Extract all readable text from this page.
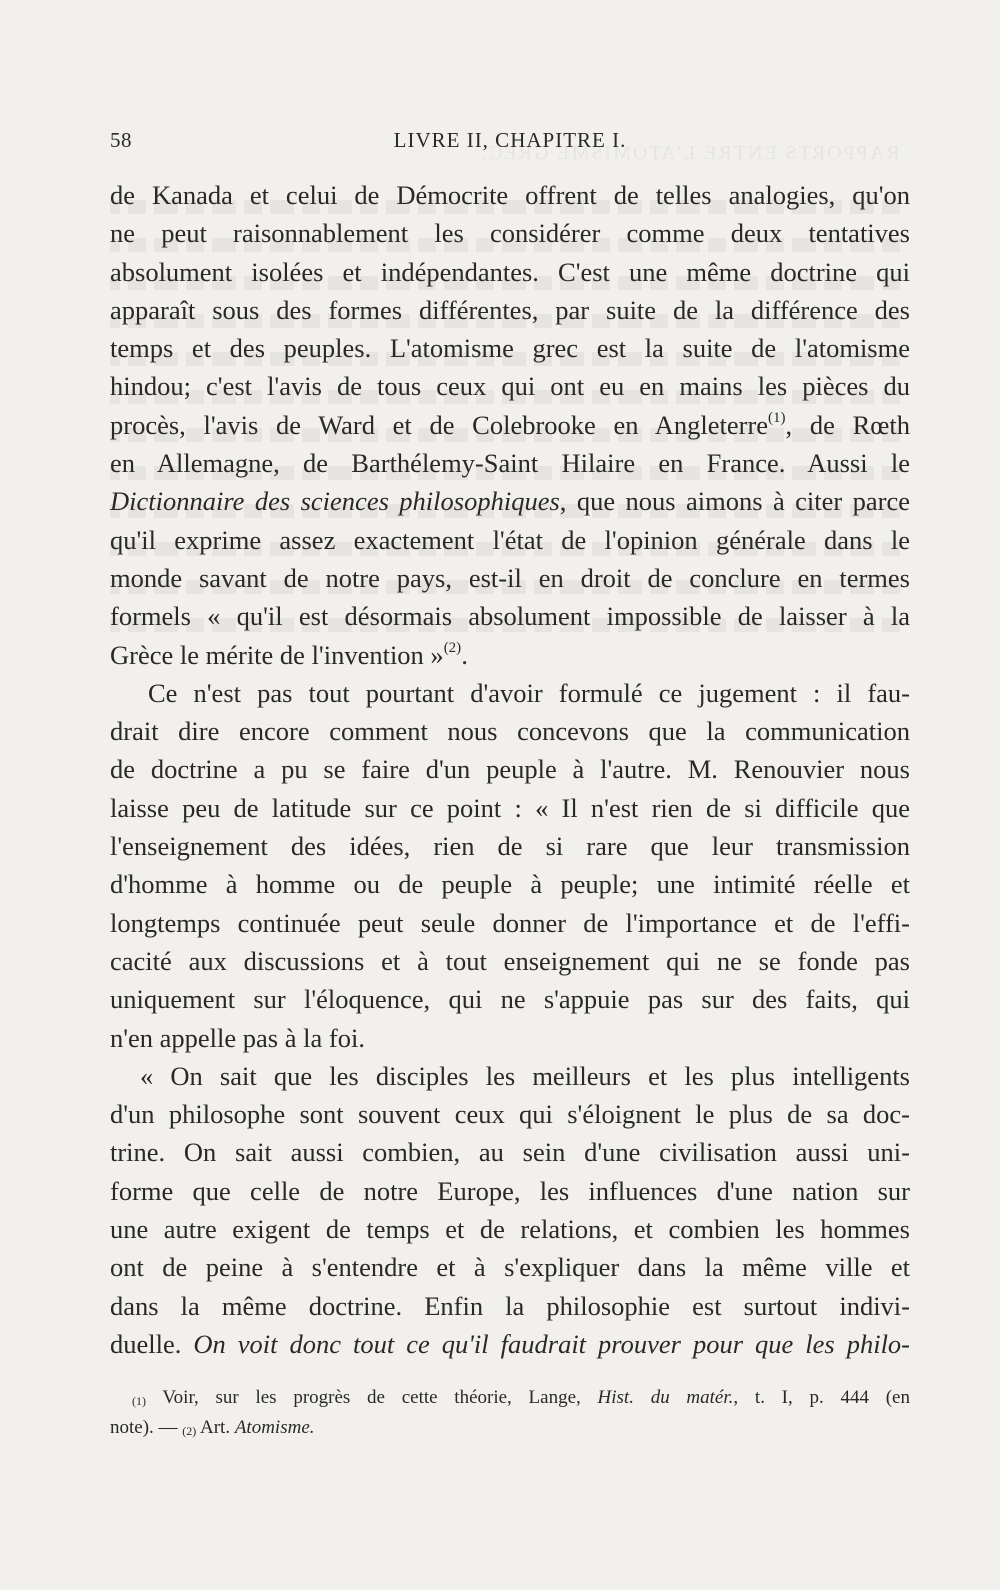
RAPPORTS ENTRE L'ATOMISME GREC.
58	LIVRE II, CHAPITRE I.
de Kanada et celui de Démocrite offrent de telles analogies, qu'on
ne peut raisonnablement les considérer comme deux tentatives
absolument isolées et indépendantes. C'est une même doctrine qui
apparaît sous des formes différentes, par suite de la différence des
temps et des peuples. L'atomisme grec est la suite de l'atomisme
hindou; c'est l'avis de tous ceux qui ont eu en mains les pièces du
procès, l'avis de Ward et de Colebrooke en Angleterre$^{(1)}$, de Rœth
en Allemagne, de Barthélemy-Saint Hilaire en France. Aussi le
Dictionnaire des sciences philosophiques, que nous aimons à citer parce
qu'il exprime assez exactement l'état de l'opinion générale dans le
monde savant de notre pays, est-il en droit de conclure en termes
formels « qu'il est désormais absolument impossible de laisser à la
Grèce le mérite de l'invention »$^{(2)}$.
Ce n'est pas tout pourtant d'avoir formulé ce jugement : il fau-
drait dire encore comment nous concevons que la communication
de doctrine a pu se faire d'un peuple à l'autre. M. Renouvier nous
laisse peu de latitude sur ce point : « Il n'est rien de si difficile que
l'enseignement des idées, rien de si rare que leur transmission
d'homme à homme ou de peuple à peuple; une intimité réelle et
longtemps continuée peut seule donner de l'importance et de l'effi-
cacité aux discussions et à tout enseignement qui ne se fonde pas
uniquement sur l'éloquence, qui ne s'appuie pas sur des faits, qui
n'en appelle pas à la foi.
« On sait que les disciples les meilleurs et les plus intelligents
d'un philosophe sont souvent ceux qui s'éloignent le plus de sa doc-
trine. On sait aussi combien, au sein d'une civilisation aussi uni-
forme que celle de notre Europe, les influences d'une nation sur
une autre exigent de temps et de relations, et combien les hommes
ont de peine à s'entendre et à s'expliquer dans la même ville et
dans la même doctrine. Enfin la philosophie est surtout indivi-
duelle. On voit donc tout ce qu'il faudrait prouver pour que les philo-
$^{(1)}$ Voir, sur les progrès de cette théorie, Lange, Hist. du matér., t. I, p. 444 (en
note). — $^{(2)}$ Art. Atomisme.
